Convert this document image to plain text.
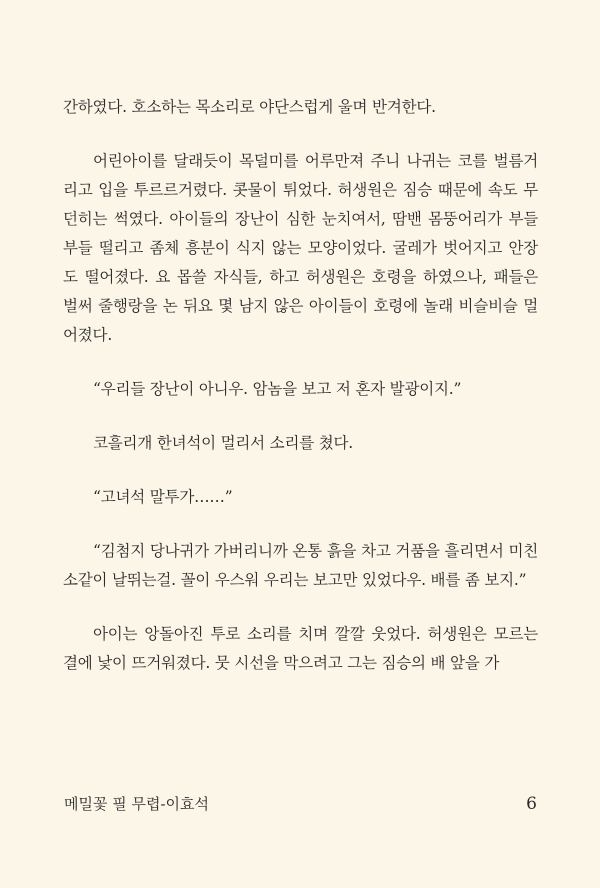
간하였다. 호소하는 목소리로 야단스럽게 울며 반겨한다.

어린아이를 달래듯이 목덜미를 어루만져 주니 나귀는 코를 벌름거리고 입을 투르르거렸다. 콧물이 튀었다. 허생원은 짐승 때문에 속도 무던히는 썩였다. 아이들의 장난이 심한 눈치여서, 땀밴 몸뚱어리가 부들부들 떨리고 좀체 흥분이 식지 않는 모양이었다. 굴레가 벗어지고 안장도 떨어졌다. 요 몹쓸 자식들, 하고 허생원은 호령을 하였으나, 패들은 벌써 줄행랑을 논 뒤요 몇 남지 않은 아이들이 호령에 놀래 비슬비슬 멀어졌다.

“우리들 장난이 아니우. 암놈을 보고 저 혼자 발광이지.”

코흘리개 한녀석이 멀리서 소리를 쳤다.

“고녀석 말투가……”

“김첨지 당나귀가 가버리니까 온통 흙을 차고 거품을 흘리면서 미친 소같이 날뛰는걸. 꼴이 우스워 우리는 보고만 있었다우. 배를 좀 보지.”

아이는 앙돌아진 투로 소리를 치며 깔깔 웃었다. 허생원은 모르는 결에 낯이 뜨거워졌다. 뭇 시선을 막으려고 그는 짐승의 배 앞을 가

메밀꽃 필 무렵-이효석	6
